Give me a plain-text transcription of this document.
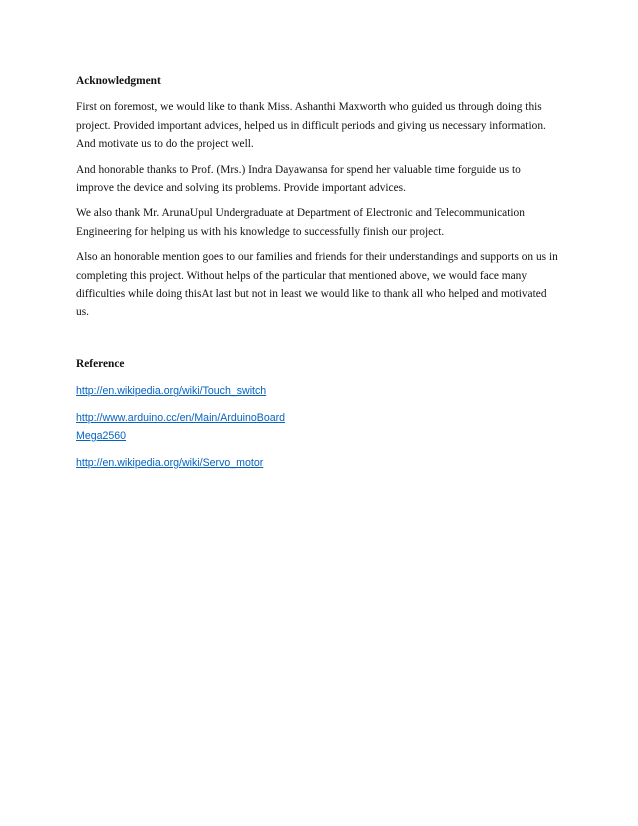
Acknowledgment
First on foremost, we would like to thank Miss. Ashanthi Maxworth who guided us through doing this
project. Provided important advices, helped us in difficult periods and giving us necessary information.
And motivate us to do the project well.
And honorable thanks to Prof. (Mrs.) Indra Dayawansa for spend her valuable time forguide us to
improve the device and solving its problems. Provide important advices.
We also thank Mr. ArunaUpul Undergraduate at Department of Electronic and Telecommunication
Engineering for helping us with his knowledge to successfully finish our project.
Also an honorable mention goes to our families and friends for their understandings and supports on us in
completing this project. Without helps of the particular that mentioned above, we would face many
difficulties while doing thisAt last but not in least we would like to thank all who helped and motivated
us.
Reference
http://en.wikipedia.org/wiki/Touch_switch
http://www.arduino.cc/en/Main/ArduinoBoard
Mega2560
http://en.wikipedia.org/wiki/Servo_motor
